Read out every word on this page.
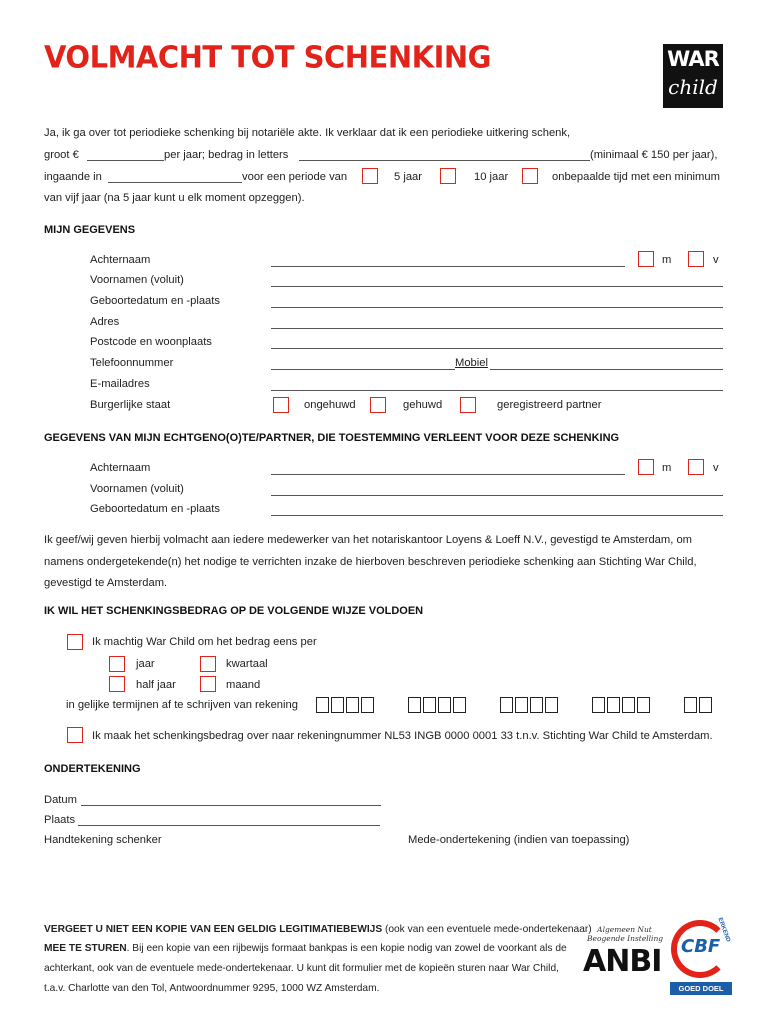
VOLMACHT TOT SCHENKING	WAR
child
Ja, ik ga over tot periodieke schenking bij notariële akte. Ik verklaar dat ik een periodieke uitkering schenk,
groot €	per jaar; bedrag in letters	(minimaal € 150 per jaar),
ingaande in	voor een periode van	5 jaar	10 jaar	onbepaalde tijd met een minimum
van vijf jaar (na 5 jaar kunt u elk moment opzeggen).
MIJN GEGEVENS
Achternaam	m	v
Voornamen (voluit)
Geboortedatum en -plaats
Adres
Postcode en woonplaats
Telefoonnummer	Mobiel
E-mailadres
Burgerlijke staat	ongehuwd	gehuwd	geregistreerd partner
GEGEVENS VAN MIJN ECHTGENO(O)TE/PARTNER, DIE TOESTEMMING VERLEENT VOOR DEZE SCHENKING
Achternaam	m	v
Voornamen (voluit)
Geboortedatum en -plaats
Ik geef/wij geven hierbij volmacht aan iedere medewerker van het notariskantoor Loyens & Loeff N.V., gevestigd te Amsterdam, om
namens ondergetekende(n) het nodige te verrichten inzake de hierboven beschreven periodieke schenking aan Stichting War Child,
gevestigd te Amsterdam.
IK WIL HET SCHENKINGSBEDRAG OP DE VOLGENDE WIJZE VOLDOEN
Ik machtig War Child om het bedrag eens per
jaar	kwartaal
half jaar	maand
in gelijke termijnen af te schrijven van rekening
Ik maak het schenkingsbedrag over naar rekeningnummer NL53 INGB 0000 0001 33 t.n.v. Stichting War Child te Amsterdam.
ONDERTEKENING
Datum
Plaats
Handtekening schenker	Mede-ondertekening (indien van toepassing)
VERGEET U NIET EEN KOPIE VAN EEN GELDIG LEGITIMATIEBEWIJS (ook van een eventuele mede-ondertekenaar)
MEE TE STUREN. Bij een kopie van een rijbewijs formaat bankpas is een kopie nodig van zowel de voorkant als de
achterkant, ook van de eventuele mede-ondertekenaar. U kunt dit formulier met de kopieën sturen naar War Child,
t.a.v. Charlotte van den Tol, Antwoordnummer 9295, 1000 WZ Amsterdam.
Algemeen Nut
Beogende Instelling
ANBI CBF
ERKEND
GOED DOEL
